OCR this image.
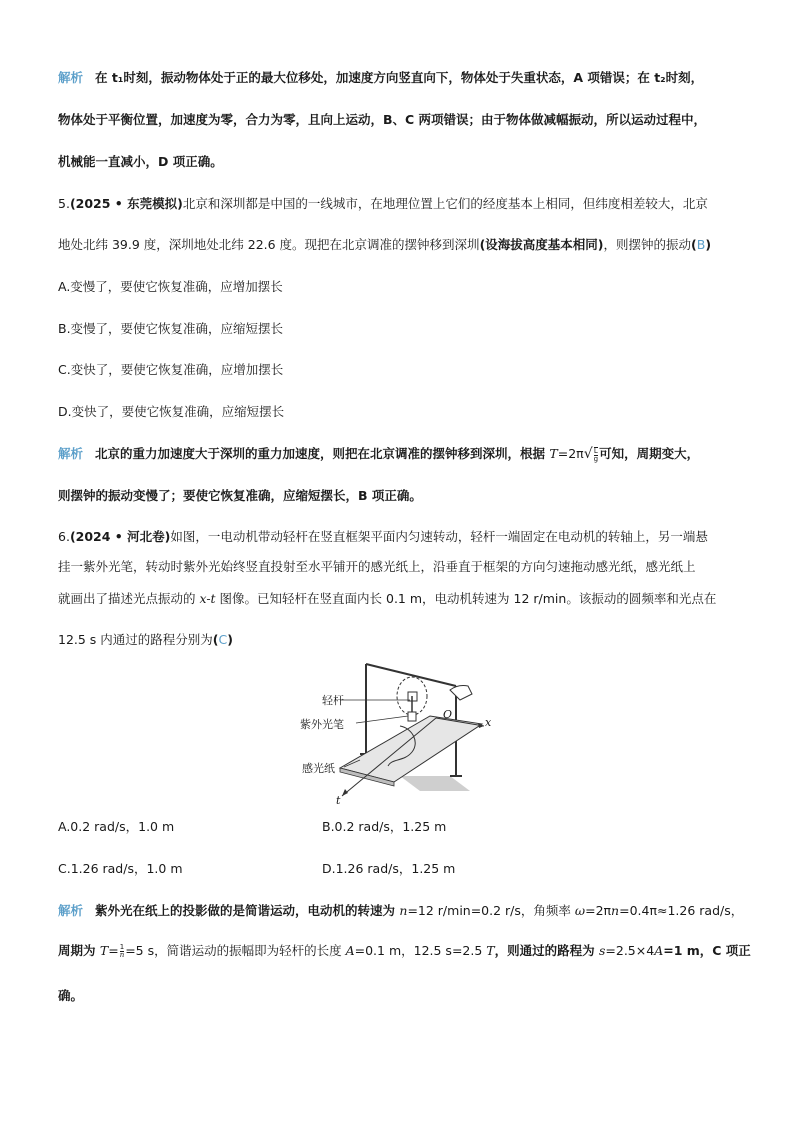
解析 在 t₁时刻，振动物体处于正的最大位移处，加速度方向竖直向下，物体处于失重状态，A 项错误；在 t₂时刻，
物体处于平衡位置，加速度为零，合力为零，且向上运动，B、C 两项错误；由于物体做减幅振动，所以运动过程中，
机械能一直减小，D 项正确。
5.(2025 • 东莞模拟)北京和深圳都是中国的一线城市，在地理位置上它们的经度基本上相同，但纬度相差较大，北京
地处北纬 39.9 度，深圳地处北纬 22.6 度。现把在北京调准的摆钟移到深圳(设海拔高度基本相同)，则摆钟的振动(B)
A.变慢了，要使它恢复准确，应增加摆长
B.变慢了，要使它恢复准确，应缩短摆长
C.变快了，要使它恢复准确，应增加摆长
D.变快了，要使它恢复准确，应缩短摆长
解析 北京的重力加速度大于深圳的重力加速度，则把在北京调准的摆钟移到深圳，根据 $T=2\pi√ \frac{L}{g}$ 可知，周期变大，
则摆钟的振动变慢了；要使它恢复准确，应缩短摆长，B 项正确。
6.(2024 • 河北卷)如图，一电动机带动轻杆在竖直框架平面内匀速转动，轻杆一端固定在电动机的转轴上，另一端悬
挂一紫外光笔，转动时紫外光始终竖直投射至水平铺开的感光纸上，沿垂直于框架的方向匀速拖动感光纸，感光纸上
就画出了描述光点振动的 x-t 图像。已知轻杆在竖直面内长 0.1 m，电动机转速为 12 r/min。该振动的圆频率和光点在
12.5 s 内通过的路程分别为(C)
轻杆
紫外光笔
感光纸
O
x
t
A.0.2 rad/s，1.0 m	B.0.2 rad/s，1.25 m
C.1.26 rad/s，1.0 m	D.1.26 rad/s，1.25 m
解析 紫外光在纸上的投影做的是简谐运动，电动机的转速为 n=12 r/min=0.2 r/s，角频率 ω=2πn=0.4π≈1.26 rad/s，
周期为 $T= \frac{1}{n}=5$ s，简谐运动的振幅即为轻杆的长度 A=0.1 m，12.5 s=2.5 T，则通过的路程为 s=2.5×4A=1 m，C 项正
确。
